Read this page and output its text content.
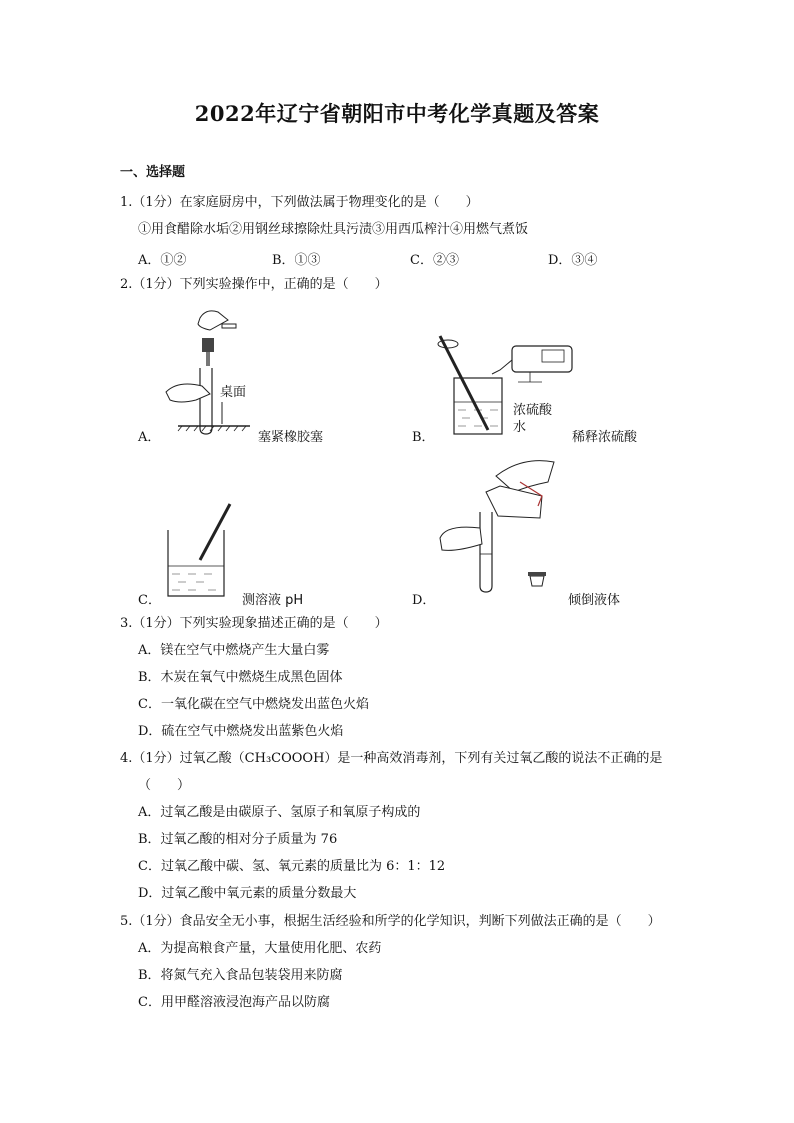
2022年辽宁省朝阳市中考化学真题及答案
一、选择题
1.（1分）在家庭厨房中，下列做法属于物理变化的是（　　）
①用食醋除水垢②用钢丝球擦除灶具污渍③用西瓜榨汁④用燃气煮饭
A．①②	B．①③	C．②③	D．③④
2.（1分）下列实验操作中，正确的是（　　）
桌面
A．	塞紧橡胶塞
浓硫酸
水
B．	稀释浓硫酸
C．	测溶液 pH	D．	倾倒液体
3.（1分）下列实验现象描述正确的是（　　）
A．镁在空气中燃烧产生大量白雾
B．木炭在氧气中燃烧生成黑色固体
C．一氧化碳在空气中燃烧发出蓝色火焰
D．硫在空气中燃烧发出蓝紫色火焰
4.（1分）过氧乙酸（CH₃COOOH）是一种高效消毒剂，下列有关过氧乙酸的说法不正确的是
（　　）
A．过氧乙酸是由碳原子、氢原子和氧原子构成的
B．过氧乙酸的相对分子质量为 76
C．过氧乙酸中碳、氢、氧元素的质量比为 6：1：12
D．过氧乙酸中氧元素的质量分数最大
5.（1分）食品安全无小事，根据生活经验和所学的化学知识，判断下列做法正确的是（　　）
A．为提高粮食产量，大量使用化肥、农药
B．将氮气充入食品包装袋用来防腐
C．用甲醛溶液浸泡海产品以防腐
